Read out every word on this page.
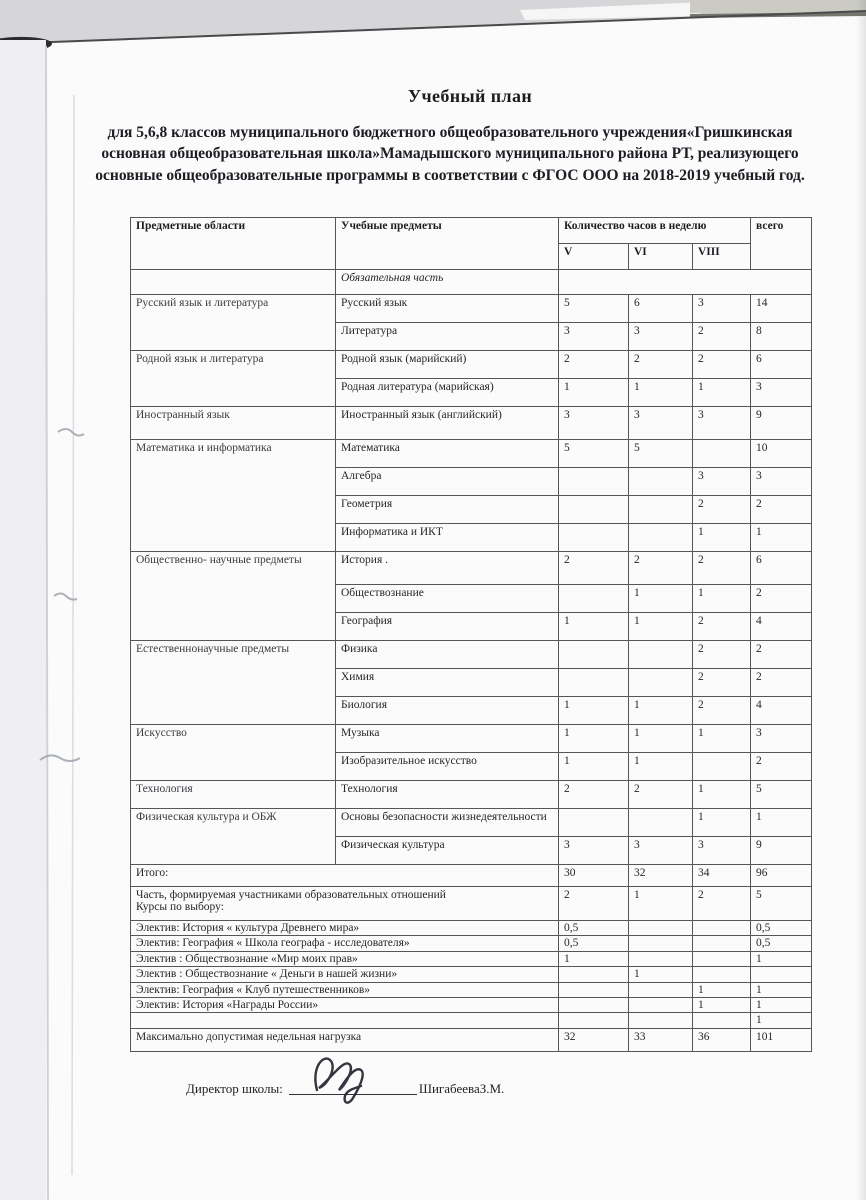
Учебный план
для 5,6,8 классов муниципального бюджетного общеобразовательного учреждения«Гришкинская основная общеобразовательная школа»Мамадышского муниципального района РТ, реализующего основные общеобразовательные программы в соответствии с ФГОС ООО на 2018-2019 учебный год.
Предметные области	Учебные предметы	Количество часов в неделю			всего
		V	VI	VIII	
	Обязательная часть				
Русский язык и литература	Русский язык	5	6	3	14
	Литература	3	3	2	8
Родной язык и литература	Родной язык (марийский)	2	2	2	6
	Родная литература (марийская)	1	1	1	3
Иностранный язык	Иностранный язык (английский)	3	3	3	9
Математика и информатика	Математика	5	5		10
	Алгебра			3	3
	Геометрия			2	2
	Информатика и ИКТ			1	1
Общественно- научные предметы	История .	2	2	2	6
	Обществознание		1	1	2
	География	1	1	2	4
Естественнонаучные предметы	Физика			2	2
	Химия			2	2
	Биология	1	1	2	4
Искусство	Музыка	1	1	1	3
	Изобразительное искусство	1	1		2
Технология	Технология	2	2	1	5
Физическая культура и ОБЖ	Основы безопасности жизнедеятельности			1	1
	Физическая культура	3	3	3	9
Итого:		30	32	34	96

Часть, формируемая участниками образовательных отношений
Курсы по выбору:		2	1	2	5
Электив: История « культура Древнего мира»		0,5			0,5
Электив: География « Школа географа - исследователя»		0,5			0,5
Электив : Обществознание «Мир моих прав»		1			1
Электив : Обществознание « Деньги в нашей жизни»			1		
Электив: География « Клуб путешественников»				1	1
Электив: История «Награды России»				1	1
					1
Максимально допустимая недельная нагрузка		32	33	36	101
Директор школы:	ШигабееваЗ.М.
